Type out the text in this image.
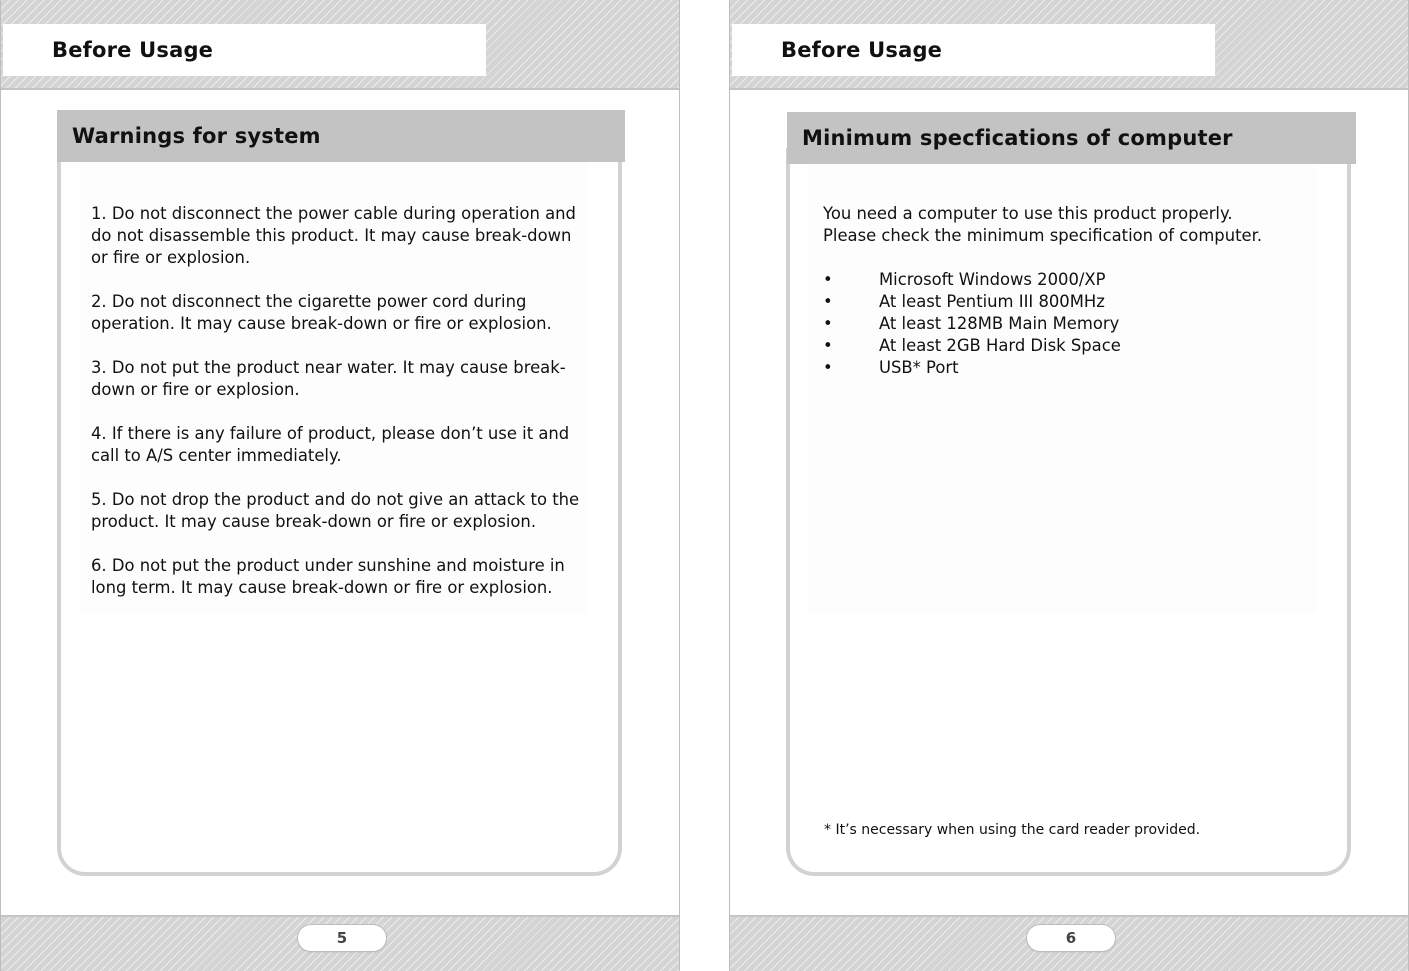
Before Usage
Warnings for system
1. Do not disconnect the power cable during operation and do not disassemble this product. It may cause break-down or fire or explosion.
2. Do not disconnect the cigarette power cord during operation. It may cause break-down or fire or explosion.
3. Do not put the product near water. It may cause break-down or fire or explosion.
4. If there is any failure of product, please don’t use it and call to A/S center immediately.
5. Do not drop the product and do not give an attack to the product. It may cause break-down or fire or explosion.
6. Do not put the product under sunshine and moisture in long term. It may cause break-down or fire or explosion.
5
Before Usage
Minimum specfications of computer
You need a computer to use this product properly.
Please check the minimum specification of computer.
•	Microsoft Windows 2000/XP
•	At least Pentium III 800MHz
•	At least 128MB Main Memory
•	At least 2GB Hard Disk Space
•	USB* Port
* It’s necessary when using the card reader provided.
6
